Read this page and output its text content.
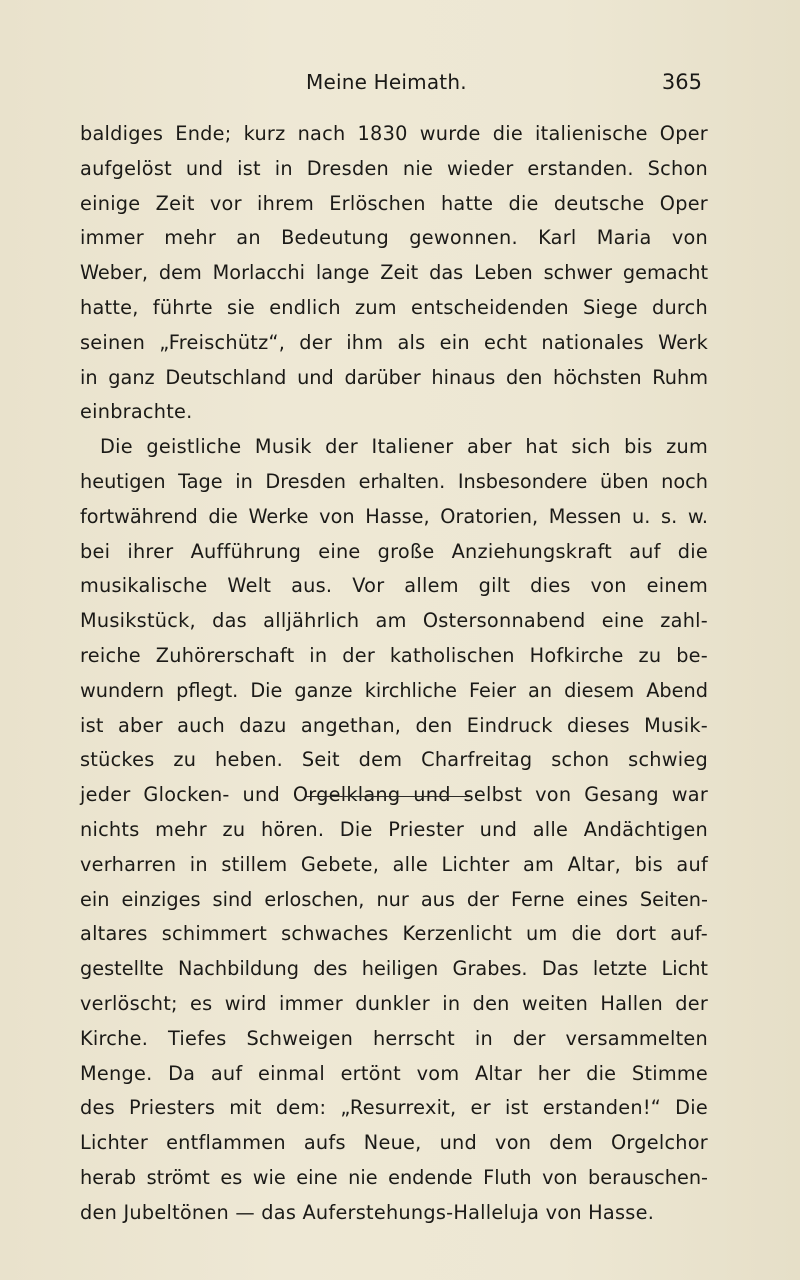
Meine Heimath.	365
baldiges Ende; kurz nach 1830 wurde die italienische Oper
aufgelöst und ist in Dresden nie wieder erstanden. Schon
einige Zeit vor ihrem Erlöschen hatte die deutsche Oper
immer mehr an Bedeutung gewonnen. Karl Maria von
Weber, dem Morlacchi lange Zeit das Leben schwer gemacht
hatte, führte sie endlich zum entscheidenden Siege durch
seinen „Freischütz“, der ihm als ein echt nationales Werk
in ganz Deutschland und darüber hinaus den höchsten Ruhm
einbrachte.
Die geistliche Musik der Italiener aber hat sich bis zum
heutigen Tage in Dresden erhalten. Insbesondere üben noch
fortwährend die Werke von Hasse, Oratorien, Messen u. s. w.
bei ihrer Aufführung eine große Anziehungskraft auf die
musikalische Welt aus. Vor allem gilt dies von einem
Musikstück, das alljährlich am Ostersonnabend eine zahl-
reiche Zuhörerschaft in der katholischen Hofkirche zu be-
wundern pflegt. Die ganze kirchliche Feier an diesem Abend
ist aber auch dazu angethan, den Eindruck dieses Musik-
stückes zu heben. Seit dem Charfreitag schon schwieg
jeder Glocken- und Orgelklang und selbst von Gesang war
nichts mehr zu hören. Die Priester und alle Andächtigen
verharren in stillem Gebete, alle Lichter am Altar, bis auf
ein einziges sind erloschen, nur aus der Ferne eines Seiten-
altares schimmert schwaches Kerzenlicht um die dort auf-
gestellte Nachbildung des heiligen Grabes. Das letzte Licht
verlöscht; es wird immer dunkler in den weiten Hallen der
Kirche. Tiefes Schweigen herrscht in der versammelten
Menge. Da auf einmal ertönt vom Altar her die Stimme
des Priesters mit dem: „Resurrexit, er ist erstanden!“ Die
Lichter entflammen aufs Neue, und von dem Orgelchor
herab strömt es wie eine nie endende Fluth von berauschen-
den Jubeltönen — das Auferstehungs-Halleluja von Hasse.
